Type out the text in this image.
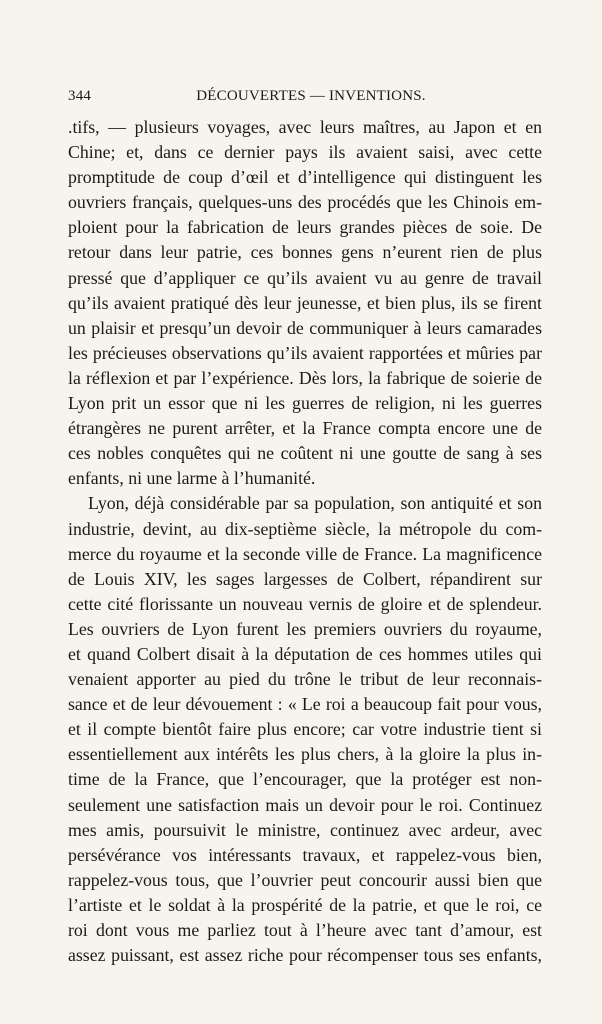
344	DÉCOUVERTES — INVENTIONS.
.tifs, — plusieurs voyages, avec leurs maîtres, au Japon et en
Chine; et, dans ce dernier pays ils avaient saisi, avec cette
promptitude de coup d’œil et d’intelligence qui distinguent les
ouvriers français, quelques-uns des procédés que les Chinois em-
ploient pour la fabrication de leurs grandes pièces de soie. De
retour dans leur patrie, ces bonnes gens n’eurent rien de plus
pressé que d’appliquer ce qu’ils avaient vu au genre de travail
qu’ils avaient pratiqué dès leur jeunesse, et bien plus, ils se firent
un plaisir et presqu’un devoir de communiquer à leurs camarades
les précieuses observations qu’ils avaient rapportées et mûries par
la réflexion et par l’expérience. Dès lors, la fabrique de soierie de
Lyon prit un essor que ni les guerres de religion, ni les guerres
étrangères ne purent arrêter, et la France compta encore une de
ces nobles conquêtes qui ne coûtent ni une goutte de sang à ses
enfants, ni une larme à l’humanité.
Lyon, déjà considérable par sa population, son antiquité et son
industrie, devint, au dix-septième siècle, la métropole du com-
merce du royaume et la seconde ville de France. La magnificence
de Louis XIV, les sages largesses de Colbert, répandirent sur
cette cité florissante un nouveau vernis de gloire et de splendeur.
Les ouvriers de Lyon furent les premiers ouvriers du royaume,
et quand Colbert disait à la députation de ces hommes utiles qui
venaient apporter au pied du trône le tribut de leur reconnais-
sance et de leur dévouement : « Le roi a beaucoup fait pour vous,
et il compte bientôt faire plus encore; car votre industrie tient si
essentiellement aux intérêts les plus chers, à la gloire la plus in-
time de la France, que l’encourager, que la protéger est non-
seulement une satisfaction mais un devoir pour le roi. Continuez
mes amis, poursuivit le ministre, continuez avec ardeur, avec
persévérance vos intéressants travaux, et rappelez-vous bien,
rappelez-vous tous, que l’ouvrier peut concourir aussi bien que
l’artiste et le soldat à la prospérité de la patrie, et que le roi, ce
roi dont vous me parliez tout à l’heure avec tant d’amour, est
assez puissant, est assez riche pour récompenser tous ses enfants,
